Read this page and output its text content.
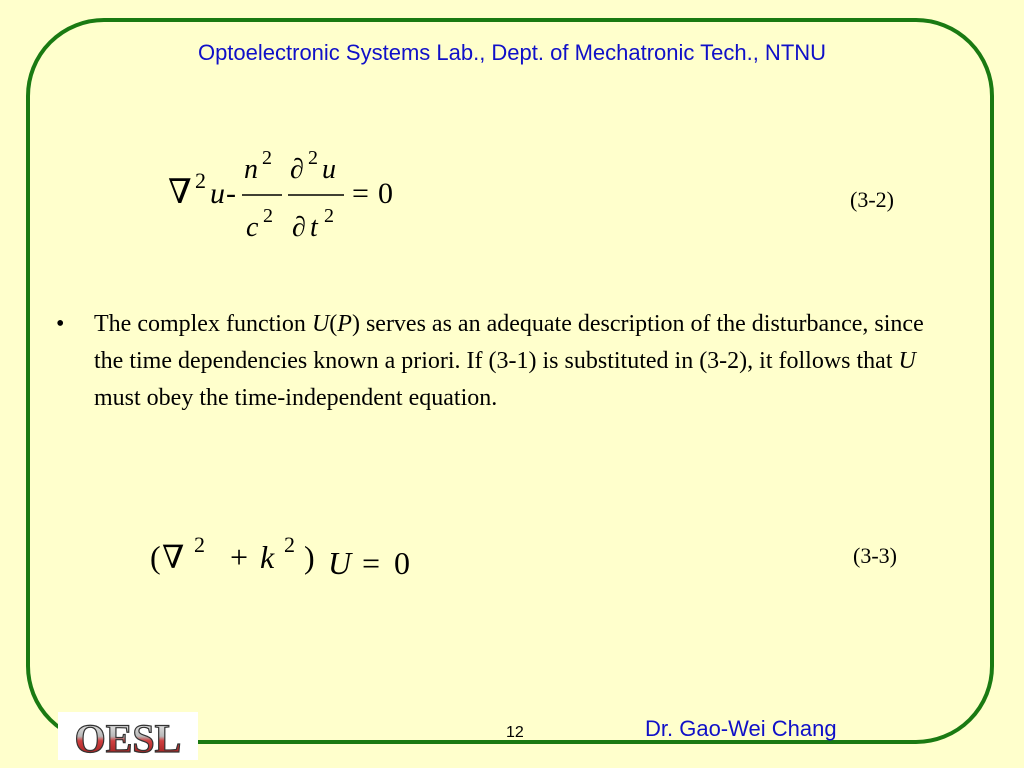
Optoelectronic Systems Lab., Dept. of Mechatronic Tech., NTNU
∇ 2 u -
n 2
c 2
∂ 2 u
∂ t 2
= 0	(3-2)
• The complex function U(P) serves as an adequate description of the disturbance, since the time dependencies known a priori. If (3-1) is substituted in (3-2), it follows that U must obey the time-independent equation.
( ∇ 2 + k 2 ) U = 0	(3-3)
OESL	12	Dr. Gao-Wei Chang
